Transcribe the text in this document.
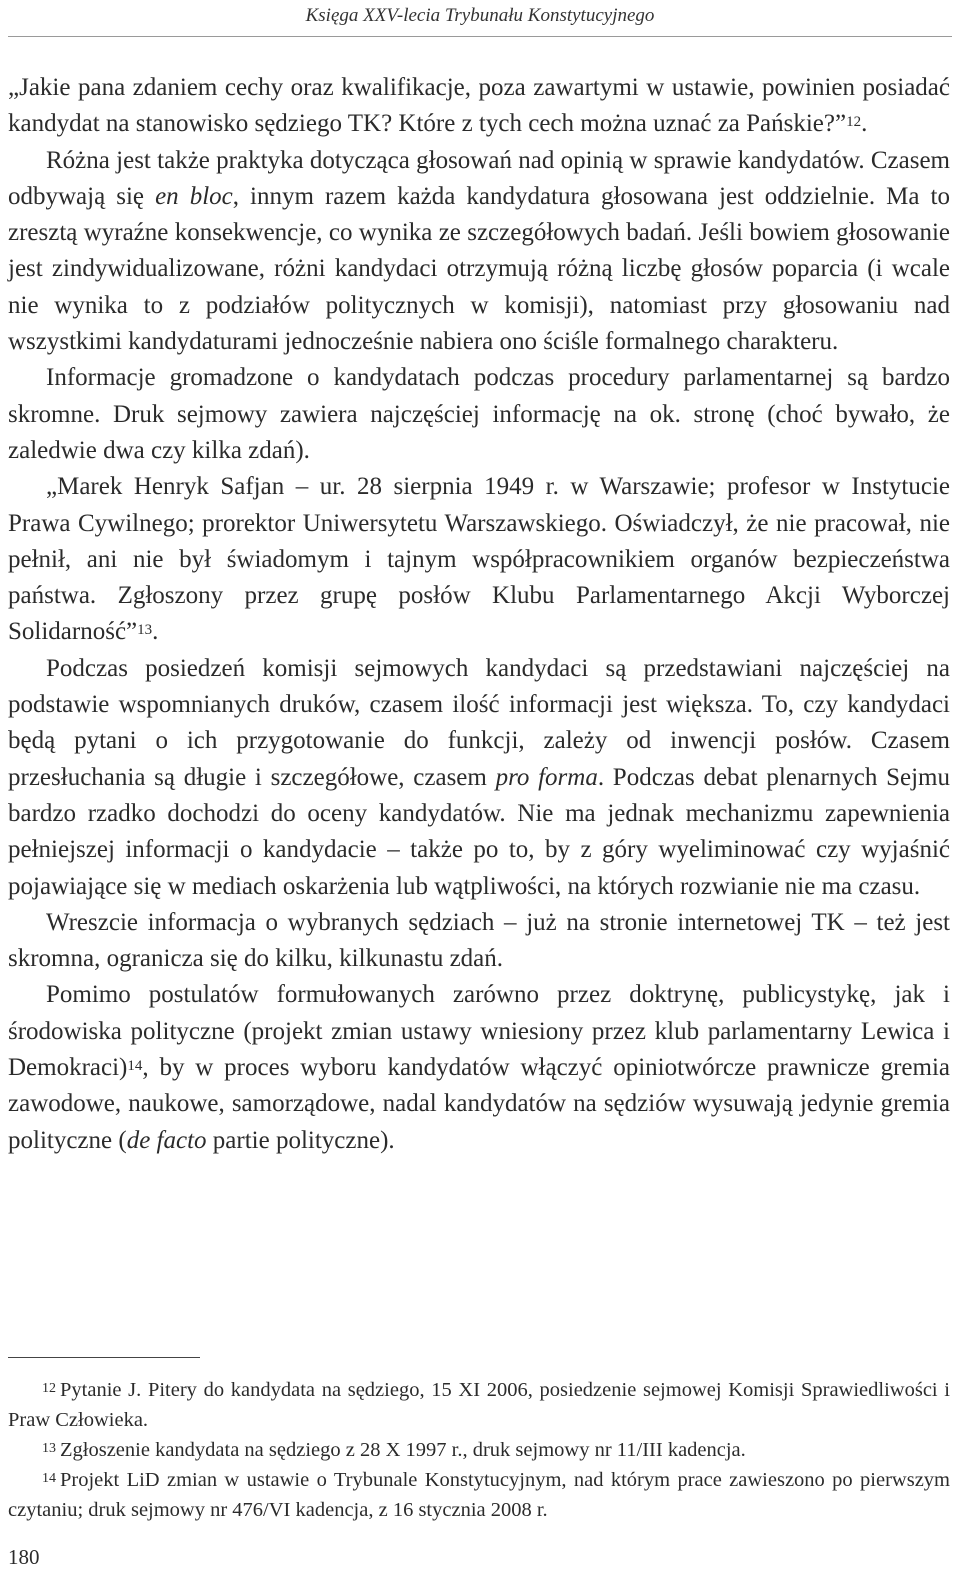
Księga XXV-lecia Trybunału Konstytucyjnego

„Jakie pana zdaniem cechy oraz kwalifikacje, poza zawartymi w ustawie, powinien posiadać kandydat na stanowisko sędziego TK? Które z tych cech można uznać za Pańskie?”$^{12}$.

Różna jest także praktyka dotycząca głosowań nad opinią w sprawie kandydatów. Czasem odbywają się en bloc, innym razem każda kandydatura głosowana jest oddzielnie. Ma to zresztą wyraźne konsekwencje, co wynika ze szczegółowych badań. Jeśli bowiem głosowanie jest zindywidualizowane, różni kandydaci otrzymują różną liczbę głosów poparcia (i wcale nie wynika to z podziałów politycznych w komisji), natomiast przy głosowaniu nad wszystkimi kandydaturami jednocześnie nabiera ono ściśle formalnego charakteru.

Informacje gromadzone o kandydatach podczas procedury parlamentarnej są bardzo skromne. Druk sejmowy zawiera najczęściej informację na ok. stronę (choć bywało, że zaledwie dwa czy kilka zdań).

„Marek Henryk Safjan – ur. 28 sierpnia 1949 r. w Warszawie; profesor w Instytucie Prawa Cywilnego; prorektor Uniwersytetu Warszawskiego. Oświadczył, że nie pracował, nie pełnił, ani nie był świadomym i tajnym współpracownikiem organów bezpieczeństwa państwa. Zgłoszony przez grupę posłów Klubu Parlamentarnego Akcji Wyborczej Solidarność”$^{13}$.

Podczas posiedzeń komisji sejmowych kandydaci są przedstawiani najczęściej na podstawie wspomnianych druków, czasem ilość informacji jest większa. To, czy kandydaci będą pytani o ich przygotowanie do funkcji, zależy od inwencji posłów. Czasem przesłuchania są długie i szczegółowe, czasem pro forma. Podczas debat plenarnych Sejmu bardzo rzadko dochodzi do oceny kandydatów. Nie ma jednak mechanizmu zapewnienia pełniejszej informacji o kandydacie – także po to, by z góry wyeliminować czy wyjaśnić pojawiające się w mediach oskarżenia lub wątpliwości, na których rozwianie nie ma czasu.

Wreszcie informacja o wybranych sędziach – już na stronie internetowej TK – też jest skromna, ogranicza się do kilku, kilkunastu zdań.

Pomimo postulatów formułowanych zarówno przez doktrynę, publicystykę, jak i środowiska polityczne (projekt zmian ustawy wniesiony przez klub parlamentarny Lewica i Demokraci)$^{14}$, by w proces wyboru kandydatów włączyć opiniotwórcze prawnicze gremia zawodowe, naukowe, samorządowe, nadal kandydatów na sędziów wysuwają jedynie gremia polityczne (de facto partie polityczne).

$^{12}$ Pytanie J. Pitery do kandydata na sędziego, 15 XI 2006, posiedzenie sejmowej Komisji Sprawiedliwości i Praw Człowieka.

$^{13}$ Zgłoszenie kandydata na sędziego z 28 X 1997 r., druk sejmowy nr 11/III kadencja.

$^{14}$ Projekt LiD zmian w ustawie o Trybunale Konstytucyjnym, nad którym prace zawieszono po pierwszym czytaniu; druk sejmowy nr 476/VI kadencja, z 16 stycznia 2008 r.

180
